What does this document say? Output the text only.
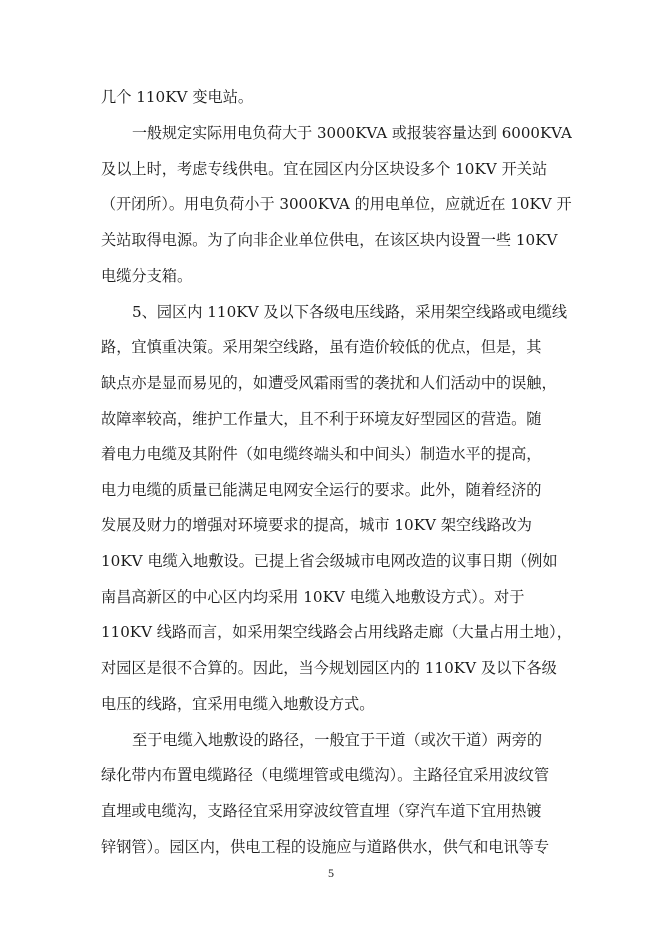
几个 110KV 变电站。
一般规定实际用电负荷大于 3000KVA 或报装容量达到 6000KVA
及以上时，考虑专线供电。宜在园区内分区块设多个 10KV 开关站
（开闭所）。用电负荷小于 3000KVA 的用电单位，应就近在 10KV 开
关站取得电源。为了向非企业单位供电，在该区块内设置一些 10KV
电缆分支箱。
5、园区内 110KV 及以下各级电压线路，采用架空线路或电缆线
路，宜慎重决策。采用架空线路，虽有造价较低的优点，但是，其
缺点亦是显而易见的，如遭受风霜雨雪的袭扰和人们活动中的误触，
故障率较高，维护工作量大，且不利于环境友好型园区的营造。随
着电力电缆及其附件（如电缆终端头和中间头）制造水平的提高，
电力电缆的质量已能满足电网安全运行的要求。此外，随着经济的
发展及财力的增强对环境要求的提高，城市 10KV 架空线路改为
10KV 电缆入地敷设。已提上省会级城市电网改造的议事日期（例如
南昌高新区的中心区内均采用 10KV 电缆入地敷设方式）。对于
110KV 线路而言，如采用架空线路会占用线路走廊（大量占用土地），
对园区是很不合算的。因此，当今规划园区内的 110KV 及以下各级
电压的线路，宜采用电缆入地敷设方式。
至于电缆入地敷设的路径，一般宜于干道（或次干道）两旁的
绿化带内布置电缆路径（电缆埋管或电缆沟）。主路径宜采用波纹管
直埋或电缆沟，支路径宜采用穿波纹管直埋（穿汽车道下宜用热镀
锌钢管）。园区内，供电工程的设施应与道路供水，供气和电讯等专
5
